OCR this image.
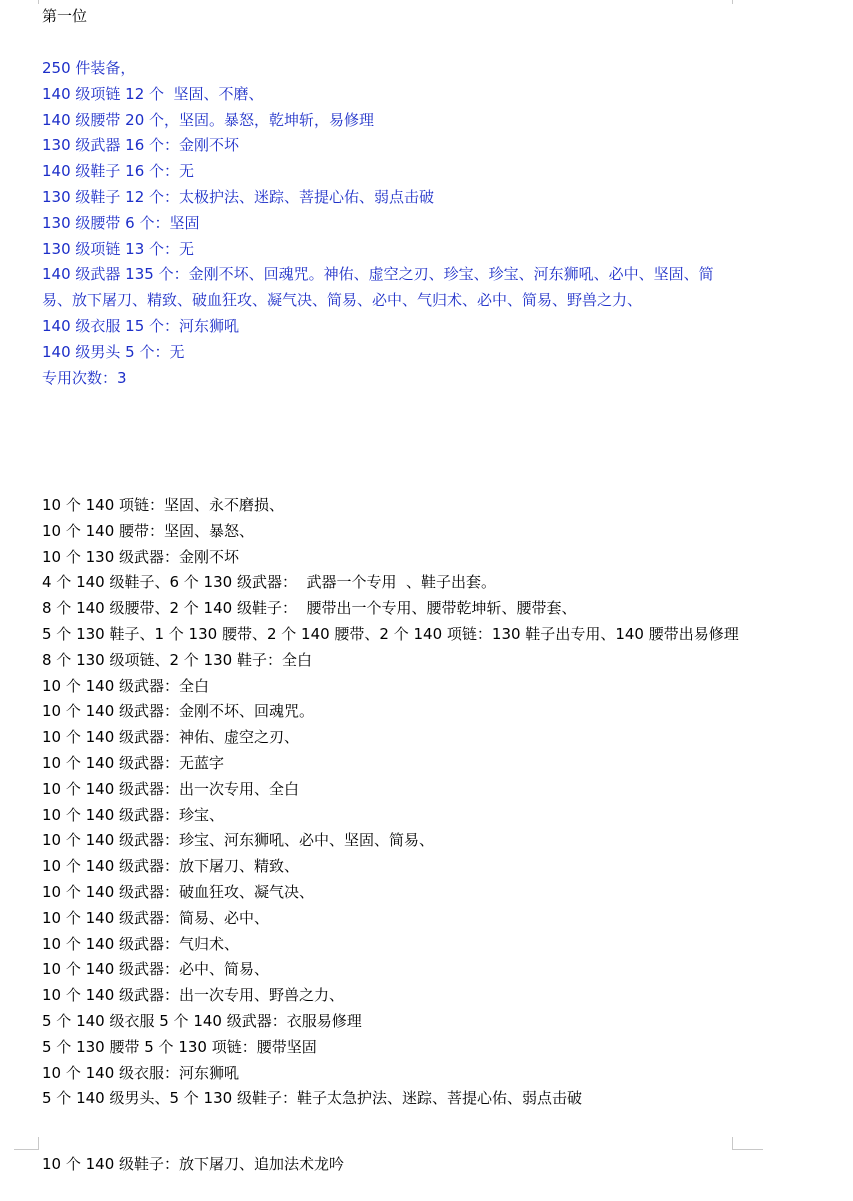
第一位
250 件装备，
140 级项链 12 个  坚固、不磨、
140 级腰带 20 个，坚固。暴怒，乾坤斩，易修理
130 级武器 16 个：金刚不坏
140 级鞋子 16 个：无
130 级鞋子 12 个：太极护法、迷踪、菩提心佑、弱点击破
130 级腰带 6 个：坚固
130 级项链 13 个：无
140 级武器 135 个：金刚不坏、回魂咒。神佑、虚空之刃、珍宝、珍宝、河东狮吼、必中、坚固、简易、放下屠刀、精致、破血狂攻、凝气决、简易、必中、气归术、必中、简易、野兽之力、
140 级衣服 15 个：河东狮吼
140 级男头 5 个：无
专用次数：3
10 个 140 项链：坚固、永不磨损、
10 个 140 腰带：坚固、暴怒、
10 个 130 级武器：金刚不坏
4 个 140 级鞋子、6 个 130 级武器：  武器一个专用  、鞋子出套。
8 个 140 级腰带、2 个 140 级鞋子：  腰带出一个专用、腰带乾坤斩、腰带套、
5 个 130 鞋子、1 个 130 腰带、2 个 140 腰带、2 个 140 项链：130 鞋子出专用、140 腰带出易修理
8 个 130 级项链、2 个 130 鞋子：全白
10 个 140 级武器：全白
10 个 140 级武器：金刚不坏、回魂咒。
10 个 140 级武器：神佑、虚空之刃、
10 个 140 级武器：无蓝字
10 个 140 级武器：出一次专用、全白
10 个 140 级武器：珍宝、
10 个 140 级武器：珍宝、河东狮吼、必中、坚固、简易、
10 个 140 级武器：放下屠刀、精致、
10 个 140 级武器：破血狂攻、凝气决、
10 个 140 级武器：简易、必中、
10 个 140 级武器：气归术、
10 个 140 级武器：必中、简易、
10 个 140 级武器：出一次专用、野兽之力、
5 个 140 级衣服 5 个 140 级武器：衣服易修理
5 个 130 腰带 5 个 130 项链：腰带坚固
10 个 140 级衣服：河东狮吼
5 个 140 级男头、5 个 130 级鞋子：鞋子太急护法、迷踪、菩提心佑、弱点击破
10 个 140 级鞋子：放下屠刀、追加法术龙吟
